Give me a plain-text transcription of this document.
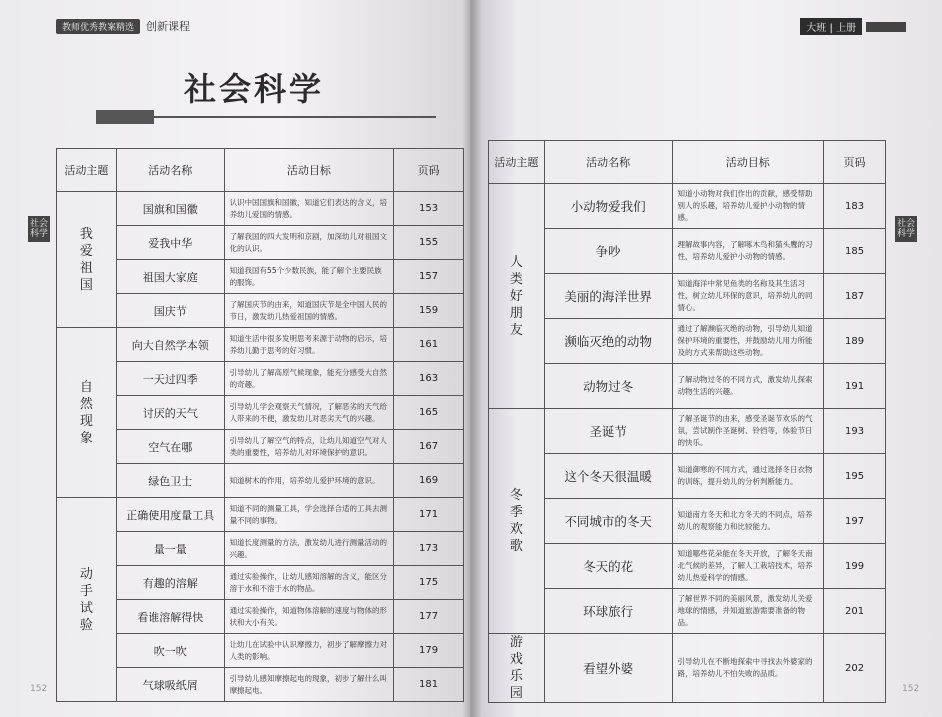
教师优秀教案精选	创新课程	大班 | 上册
社会科学
社会科学
社会科学
活动主题	活动名称	活动目标	页码
我爱祖国	国旗和国徽	认识中国国旗和国徽，知道它们表达的含义，培养幼儿爱国的情感。	153
	爱我中华	了解我国的四大发明和京剧，加深幼儿对祖国文化的认识。	155
	祖国大家庭	知道我国有55个少数民族，能了解个主要民族的服饰。	157
	国庆节	了解国庆节的由来，知道国庆节是全中国人民的节日，激发幼儿热爱祖国的情感。	159
自然现象	向大自然学本领	知道生活中很多发明思考来源于动物的启示，培养幼儿勤于思考的好习惯。	161
	一天过四季	引导幼儿了解高原气候现象，能充分感受大自然的奇趣。	163
	讨厌的天气	引导幼儿学会观察天气情况，了解恶劣的天气给人带来的不便，激发幼儿对恶劣天气的兴趣。	165
	空气在哪	引导幼儿了解空气的特点，让幼儿知道空气对人类的重要性，培养幼儿对环境保护的意识。	167
	绿色卫士	知道树木的作用，培养幼儿爱护环境的意识。	169
动手试验	正确使用度量工具	知道不同的测量工具，学会选择合适的工具去测量不同的事物。	171
	量一量	知道长度测量的方法，激发幼儿进行测量活动的兴趣。	173
	有趣的溶解	通过实验操作，让幼儿感知溶解的含义，能区分溶于水和不溶于水的物品。	175
	看谁溶解得快	通过实验操作，知道物体溶解的速度与物体的形状和大小有关。	177
	吹一吹	让幼儿在试验中认识摩擦力，初步了解摩擦力对人类的影响。	179
	气球吸纸屑	引导幼儿感知摩擦起电的现象，初步了解什么叫摩擦起电。	181
活动主题	活动名称	活动目标	页码
人类好朋友	小动物爱我们	知道小动物对我们作出的贡献，感受帮助别人的乐趣，培养幼儿爱护小动物的情感。	183
	争吵	理解故事内容，了解啄木鸟和猫头鹰的习性，培养幼儿爱护小动物的情感。	185
	美丽的海洋世界	知道海洋中常见鱼类的名称及其生活习性，树立幼儿环保的意识，培养幼儿的同情心。	187
	濒临灭绝的动物	通过了解濒临灭绝的动物，引导幼儿知道保护环境的重要性，并鼓励幼儿用力所能及的方式来帮助这些动物。	189
	动物过冬	了解动物过冬的不同方式，激发幼儿探索动物生活的兴趣。	191
冬季欢歌	圣诞节	了解圣诞节的由来，感受圣诞节欢乐的气氛，尝试制作圣诞树、铃铛等，体验节日的快乐。	193
	这个冬天很温暖	知道御寒的不同方式，通过选择冬日衣物的训练，提升幼儿的分析判断能力。	195
	不同城市的冬天	知道南方冬天和北方冬天的不同点，培养幼儿的观察能力和比较能力。	197
	冬天的花	知道哪些花朵能在冬天开放，了解冬天南北气候的差异，了解人工栽培技术，培养幼儿热爱科学的情感。	199
	环球旅行	了解世界不同的美丽风景，激发幼儿关爱地球的情感，并知道旅游需要准备的物品。	201
游戏乐园	看望外婆	引导幼儿在不断地探索中寻找去外婆家的路，培养幼儿不怕失败的品质。	202
152	152
